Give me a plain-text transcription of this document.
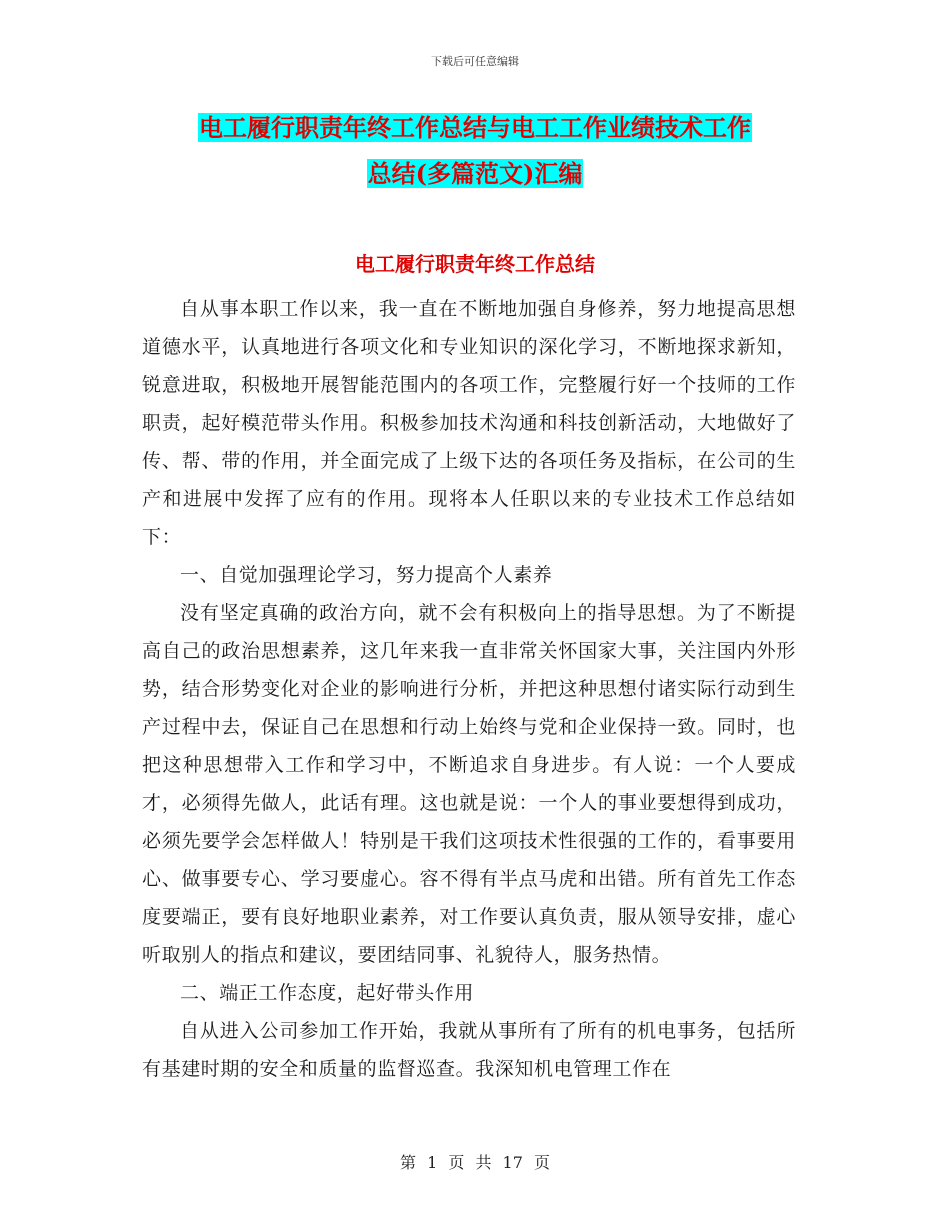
下载后可任意编辑
电工履行职责年终工作总结与电工工作业绩技术工作
总结(多篇范文)汇编
电工履行职责年终工作总结

自从事本职工作以来，我一直在不断地加强自身修养，努力地提高思想道德水平，认真地进行各项文化和专业知识的深化学习，不断地探求新知，锐意进取，积极地开展智能范围内的各项工作，完整履行好一个技师的工作职责，起好模范带头作用。积极参加技术沟通和科技创新活动，大地做好了传、帮、带的作用，并全面完成了上级下达的各项任务及指标，在公司的生产和进展中发挥了应有的作用。现将本人任职以来的专业技术工作总结如下：

一、自觉加强理论学习，努力提高个人素养

没有坚定真确的政治方向，就不会有积极向上的指导思想。为了不断提高自己的政治思想素养，这几年来我一直非常关怀国家大事，关注国内外形势，结合形势变化对企业的影响进行分析，并把这种思想付诸实际行动到生产过程中去，保证自己在思想和行动上始终与党和企业保持一致。同时，也把这种思想带入工作和学习中，不断追求自身进步。有人说：一个人要成才，必须得先做人，此话有理。这也就是说：一个人的事业要想得到成功，必须先要学会怎样做人！特别是干我们这项技术性很强的工作的，看事要用心、做事要专心、学习要虚心。容不得有半点马虎和出错。所有首先工作态度要端正，要有良好地职业素养，对工作要认真负责，服从领导安排，虚心听取别人的指点和建议，要团结同事、礼貌待人，服务热情。

二、端正工作态度，起好带头作用

自从进入公司参加工作开始，我就从事所有了所有的机电事务，包括所有基建时期的安全和质量的监督巡查。我深知机电管理工作在

第 1 页 共 17 页
